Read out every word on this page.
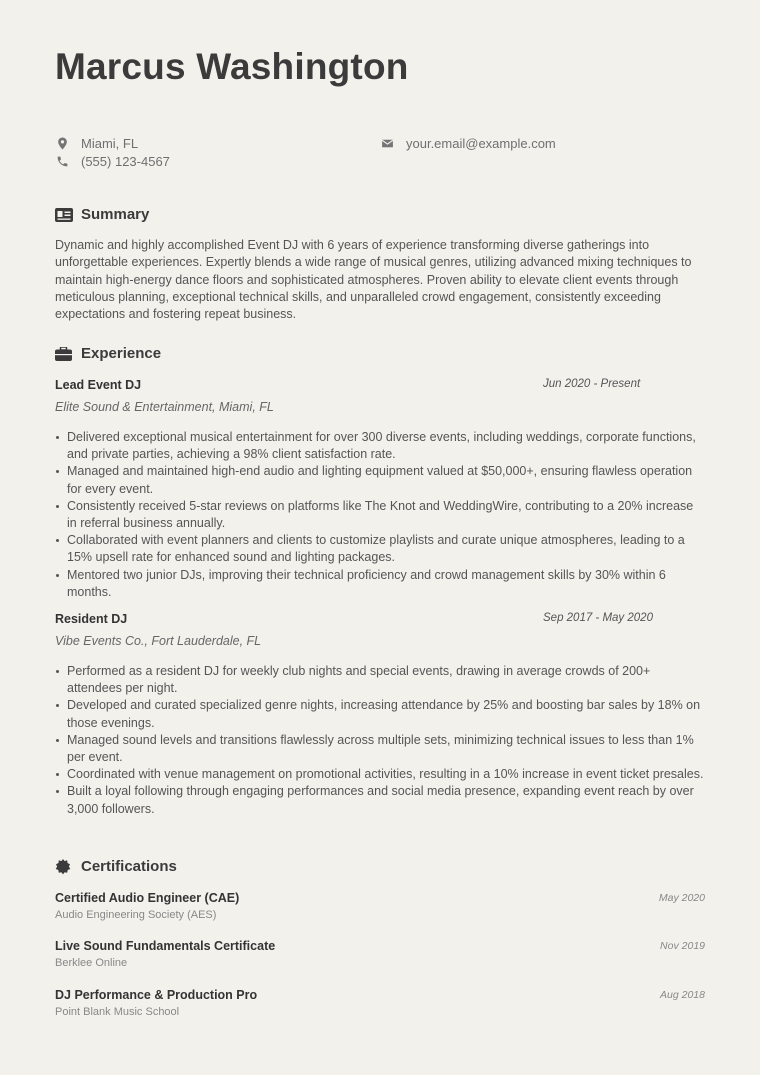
Marcus Washington
Miami, FL
(555) 123-4567
your.email@example.com
Summary

Dynamic and highly accomplished Event DJ with 6 years of experience transforming diverse gatherings into unforgettable experiences. Expertly blends a wide range of musical genres, utilizing advanced mixing techniques to maintain high-energy dance floors and sophisticated atmospheres. Proven ability to elevate client events through meticulous planning, exceptional technical skills, and unparalleled crowd engagement, consistently exceeding expectations and fostering repeat business.

Experience
Lead Event DJ	Jun 2020 - Present
Elite Sound & Entertainment, Miami, FL
Delivered exceptional musical entertainment for over 300 diverse events, including weddings, corporate functions, and private parties, achieving a 98% client satisfaction rate.
Managed and maintained high-end audio and lighting equipment valued at $50,000+, ensuring flawless operation for every event.
Consistently received 5-star reviews on platforms like The Knot and WeddingWire, contributing to a 20% increase in referral business annually.
Collaborated with event planners and clients to customize playlists and curate unique atmospheres, leading to a 15% upsell rate for enhanced sound and lighting packages.
Mentored two junior DJs, improving their technical proficiency and crowd management skills by 30% within 6 months.
Resident DJ	Sep 2017 - May 2020
Vibe Events Co., Fort Lauderdale, FL
Performed as a resident DJ for weekly club nights and special events, drawing in average crowds of 200+ attendees per night.
Developed and curated specialized genre nights, increasing attendance by 25% and boosting bar sales by 18% on those evenings.
Managed sound levels and transitions flawlessly across multiple sets, minimizing technical issues to less than 1% per event.
Coordinated with venue management on promotional activities, resulting in a 10% increase in event ticket presales.
Built a loyal following through engaging performances and social media presence, expanding event reach by over 3,000 followers.
Certifications
Certified Audio Engineer (CAE)	May 2020
Audio Engineering Society (AES)
Live Sound Fundamentals Certificate	Nov 2019
Berklee Online
DJ Performance & Production Pro	Aug 2018
Point Blank Music School
